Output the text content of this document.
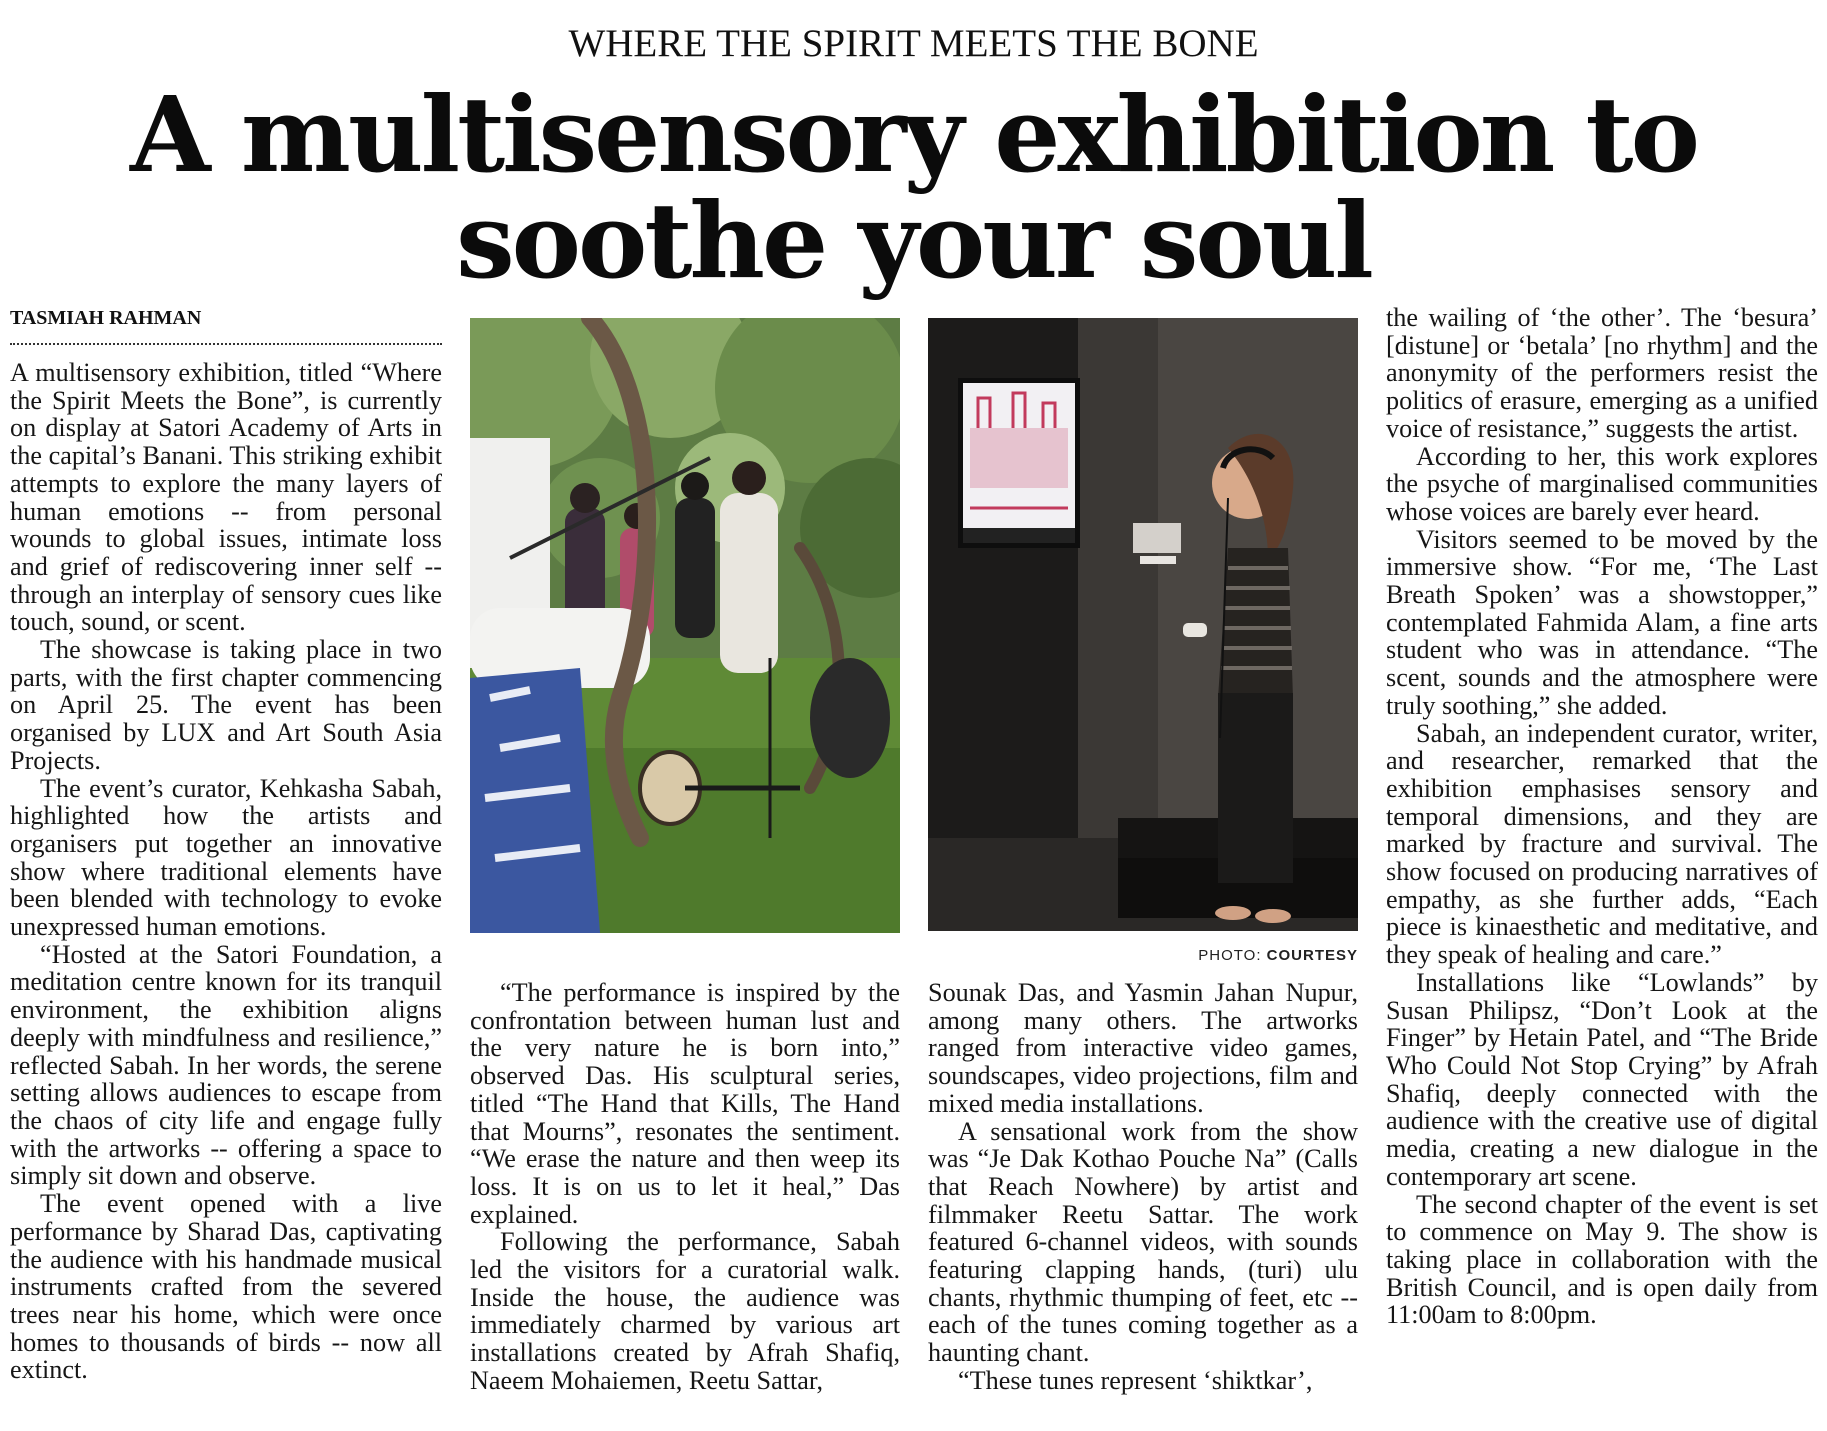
WHERE THE SPIRIT MEETS THE BONE
A multisensory exhibition to
soothe your soul
TASMIAH RAHMAN

A multisensory exhibition, titled “Where the Spirit Meets the Bone”, is currently on display at Satori Academy of Arts in the capital’s Banani. This striking exhibit attempts to explore the many layers of human emotions -- from personal wounds to global issues, intimate loss and grief of rediscovering inner self -- through an interplay of sensory cues like touch, sound, or scent.

The showcase is taking place in two parts, with the first chapter commencing on April 25. The event has been organised by LUX and Art South Asia Projects.

The event’s curator, Kehkasha Sabah, highlighted how the artists and organisers put together an innovative show where traditional elements have been blended with technology to evoke unexpressed human emotions.

“Hosted at the Satori Foundation, a meditation centre known for its tranquil environment, the exhibition aligns deeply with mindfulness and resilience,” reflected Sabah. In her words, the serene setting allows audiences to escape from the chaos of city life and engage fully with the artworks -- offering a space to simply sit down and observe.

The event opened with a live performance by Sharad Das, captivating the audience with his handmade musical instruments crafted from the severed trees near his home, which were once homes to thousands of birds -- now all extinct.

PHOTO: COURTESY

“The performance is inspired by the confrontation between human lust and the very nature he is born into,” observed Das. His sculptural series, titled “The Hand that Kills, The Hand that Mourns”, resonates the sentiment. “We erase the nature and then weep its loss. It is on us to let it heal,” Das explained.

Following the performance, Sabah led the visitors for a curatorial walk. Inside the house, the audience was immediately charmed by various art installations created by Afrah Shafiq, Naeem Mohaiemen, Reetu Sattar,

Sounak Das, and Yasmin Jahan Nupur, among many others. The artworks ranged from interactive video games, soundscapes, video projections, film and mixed media installations.

A sensational work from the show was “Je Dak Kothao Pouche Na” (Calls that Reach Nowhere) by artist and filmmaker Reetu Sattar. The work featured 6-channel videos, with sounds featuring clapping hands, (turi) ulu chants, rhythmic thumping of feet, etc -- each of the tunes coming together as a haunting chant.

“These tunes represent ‘shiktkar’,

the wailing of ‘the other’. The ‘besura’ [distune] or ‘betala’ [no rhythm] and the anonymity of the performers resist the politics of erasure, emerging as a unified voice of resistance,” suggests the artist.

According to her, this work explores the psyche of marginalised communities whose voices are barely ever heard.

Visitors seemed to be moved by the immersive show. “For me, ‘The Last Breath Spoken’ was a showstopper,” contemplated Fahmida Alam, a fine arts student who was in attendance. “The scent, sounds and the atmosphere were truly soothing,” she added.

Sabah, an independent curator, writer, and researcher, remarked that the exhibition emphasises sensory and temporal dimensions, and they are marked by fracture and survival. The show focused on producing narratives of empathy, as she further adds, “Each piece is kinaesthetic and meditative, and they speak of healing and care.”

Installations like “Lowlands” by Susan Philipsz, “Don’t Look at the Finger” by Hetain Patel, and “The Bride Who Could Not Stop Crying” by Afrah Shafiq, deeply connected with the audience with the creative use of digital media, creating a new dialogue in the contemporary art scene.

The second chapter of the event is set to commence on May 9. The show is taking place in collaboration with the British Council, and is open daily from 11:00am to 8:00pm.
